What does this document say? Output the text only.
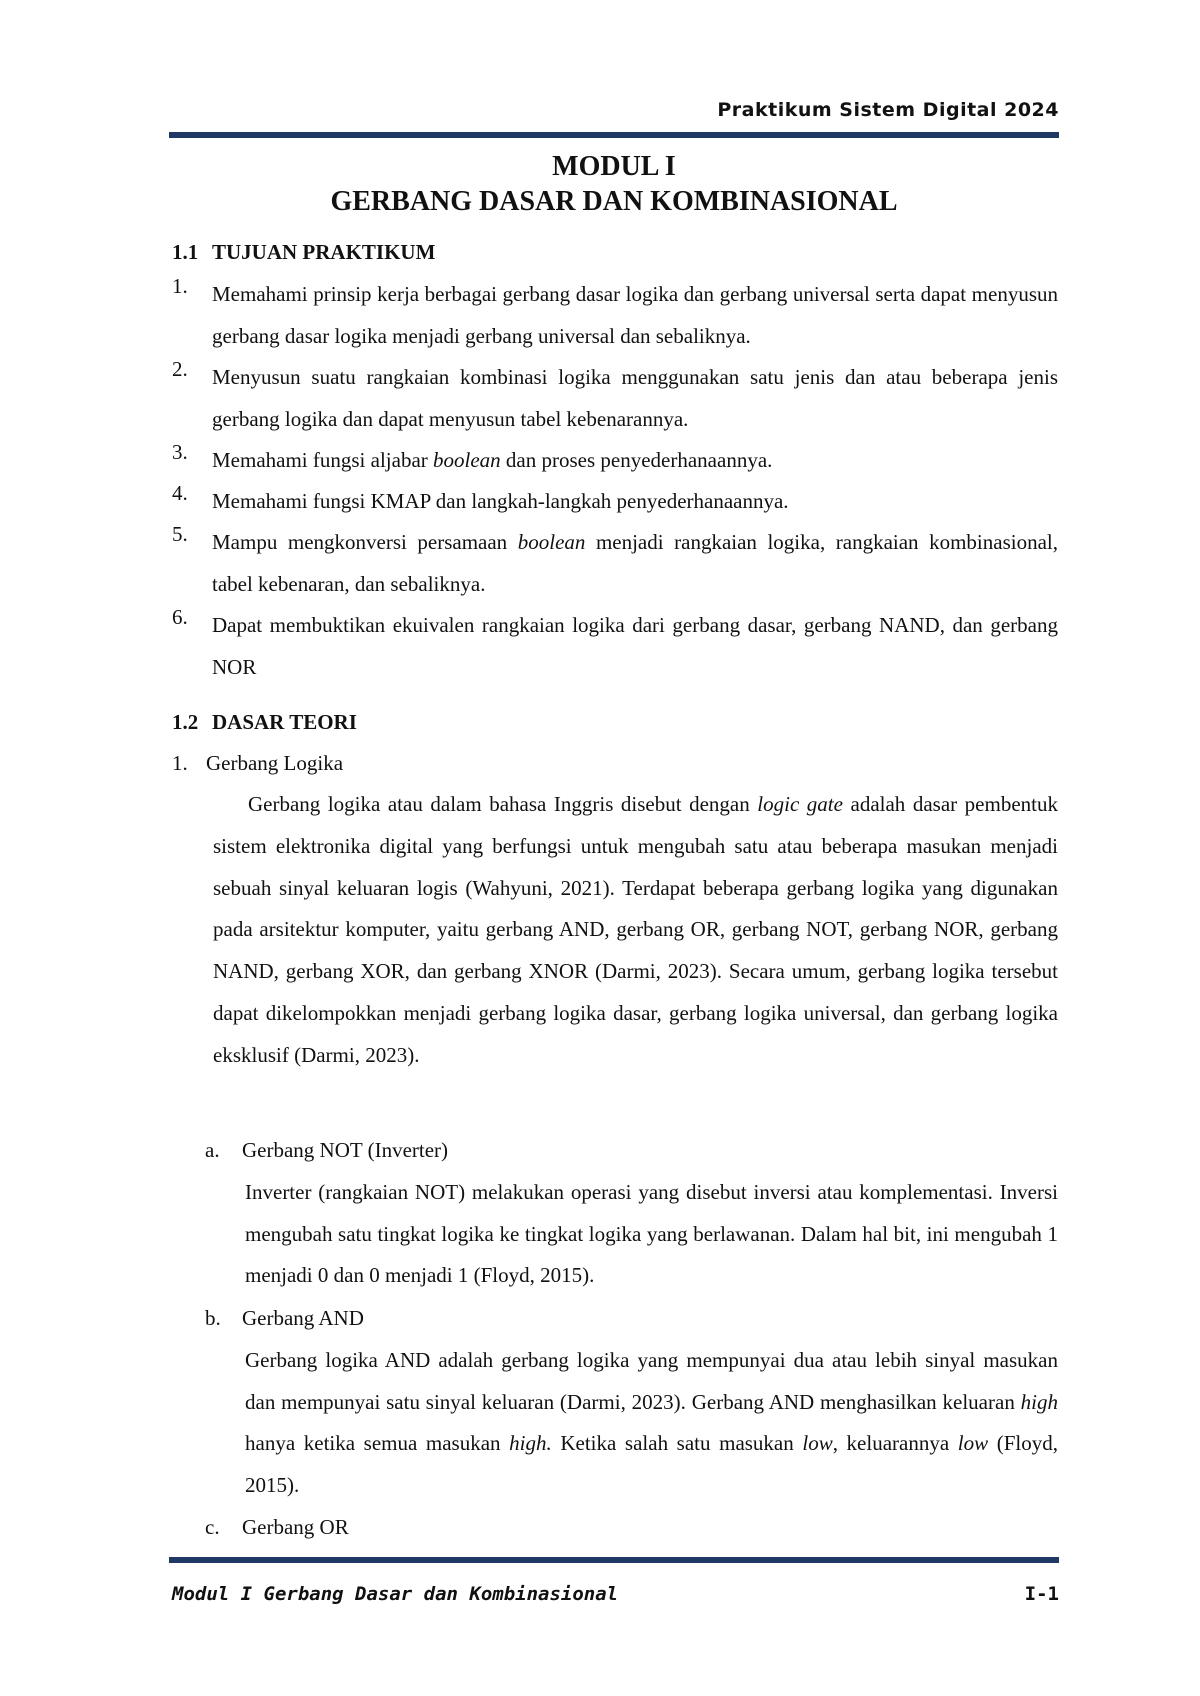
Praktikum Sistem Digital 2024
MODUL I
GERBANG DASAR DAN KOMBINASIONAL
1.1 TUJUAN PRAKTIKUM
1. Memahami prinsip kerja berbagai gerbang dasar logika dan gerbang universal serta dapat menyusun gerbang dasar logika menjadi gerbang universal dan sebaliknya.
2. Menyusun suatu rangkaian kombinasi logika menggunakan satu jenis dan atau beberapa jenis gerbang logika dan dapat menyusun tabel kebenarannya.
3. Memahami fungsi aljabar boolean dan proses penyederhanaannya.
4. Memahami fungsi KMAP dan langkah-langkah penyederhanaannya.
5. Mampu mengkonversi persamaan boolean menjadi rangkaian logika, rangkaian kombinasional, tabel kebenaran, dan sebaliknya.
6. Dapat membuktikan ekuivalen rangkaian logika dari gerbang dasar, gerbang NAND, dan gerbang NOR
1.2 DASAR TEORI
1. Gerbang Logika
Gerbang logika atau dalam bahasa Inggris disebut dengan logic gate adalah dasar pembentuk sistem elektronika digital yang berfungsi untuk mengubah satu atau beberapa masukan menjadi sebuah sinyal keluaran logis (Wahyuni, 2021). Terdapat beberapa gerbang logika yang digunakan pada arsitektur komputer, yaitu gerbang AND, gerbang OR, gerbang NOT, gerbang NOR, gerbang NAND, gerbang XOR, dan gerbang XNOR (Darmi, 2023). Secara umum, gerbang logika tersebut dapat dikelompokkan menjadi gerbang logika dasar, gerbang logika universal, dan gerbang logika eksklusif (Darmi, 2023).
a. Gerbang NOT (Inverter)
Inverter (rangkaian NOT) melakukan operasi yang disebut inversi atau komplementasi. Inversi mengubah satu tingkat logika ke tingkat logika yang berlawanan. Dalam hal bit, ini mengubah 1 menjadi 0 dan 0 menjadi 1 (Floyd, 2015).
b. Gerbang AND
Gerbang logika AND adalah gerbang logika yang mempunyai dua atau lebih sinyal masukan dan mempunyai satu sinyal keluaran (Darmi, 2023). Gerbang AND menghasilkan keluaran high hanya ketika semua masukan high. Ketika salah satu masukan low, keluarannya low (Floyd, 2015).
c. Gerbang OR
Modul I Gerbang Dasar dan Kombinasional	I-1
